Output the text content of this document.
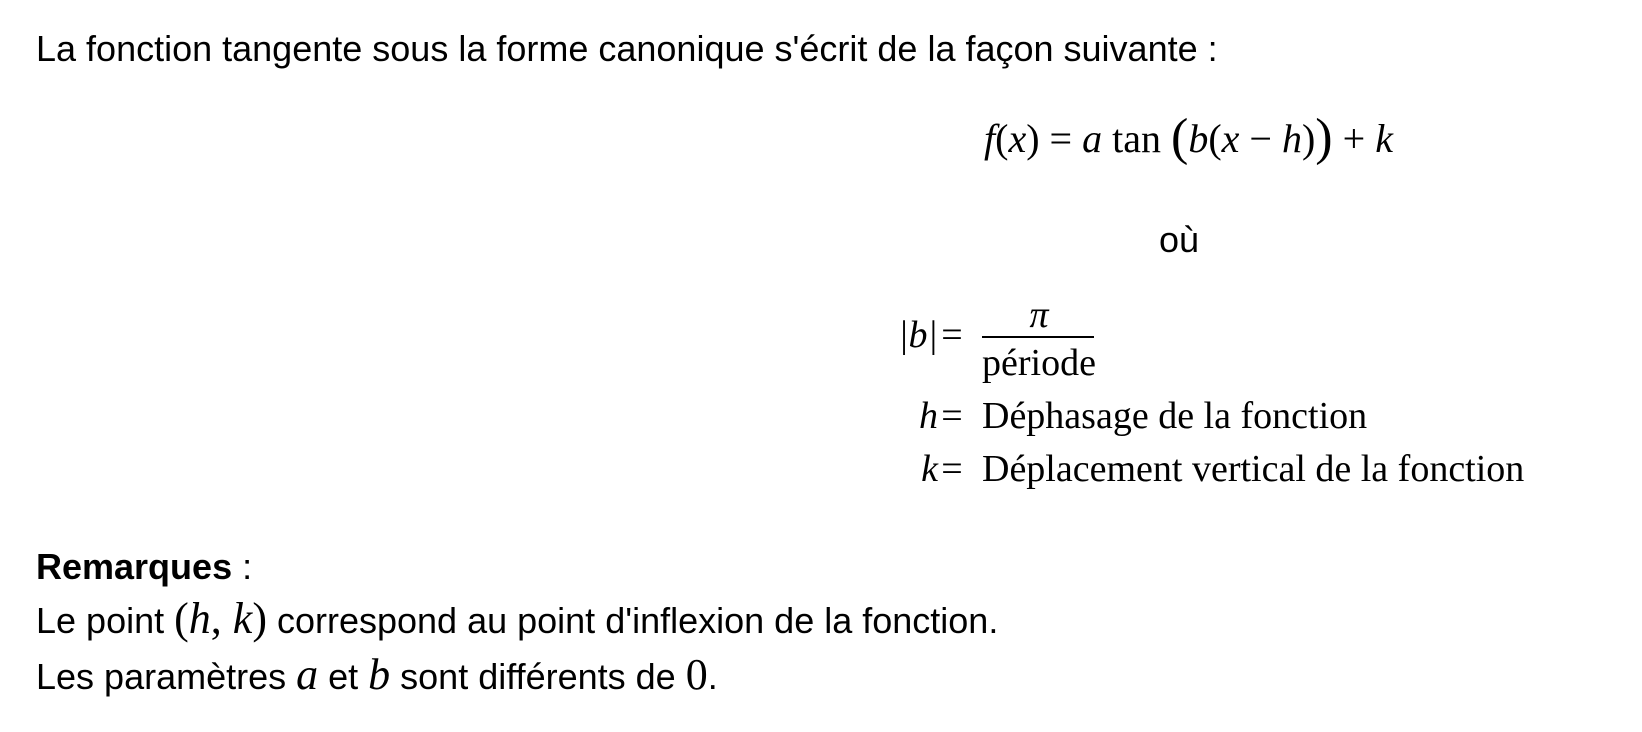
La fonction tangente sous la forme canonique s'écrit de la façon suivante :
f(x) = a tan (b(x − h)) + k
où
|b| =	π
période
h = Déphasage de la fonction
k = Déplacement vertical de la fonction
Remarques :
Le point (h, k) correspond au point d'inflexion de la fonction.
Les paramètres a et b sont différents de 0.
